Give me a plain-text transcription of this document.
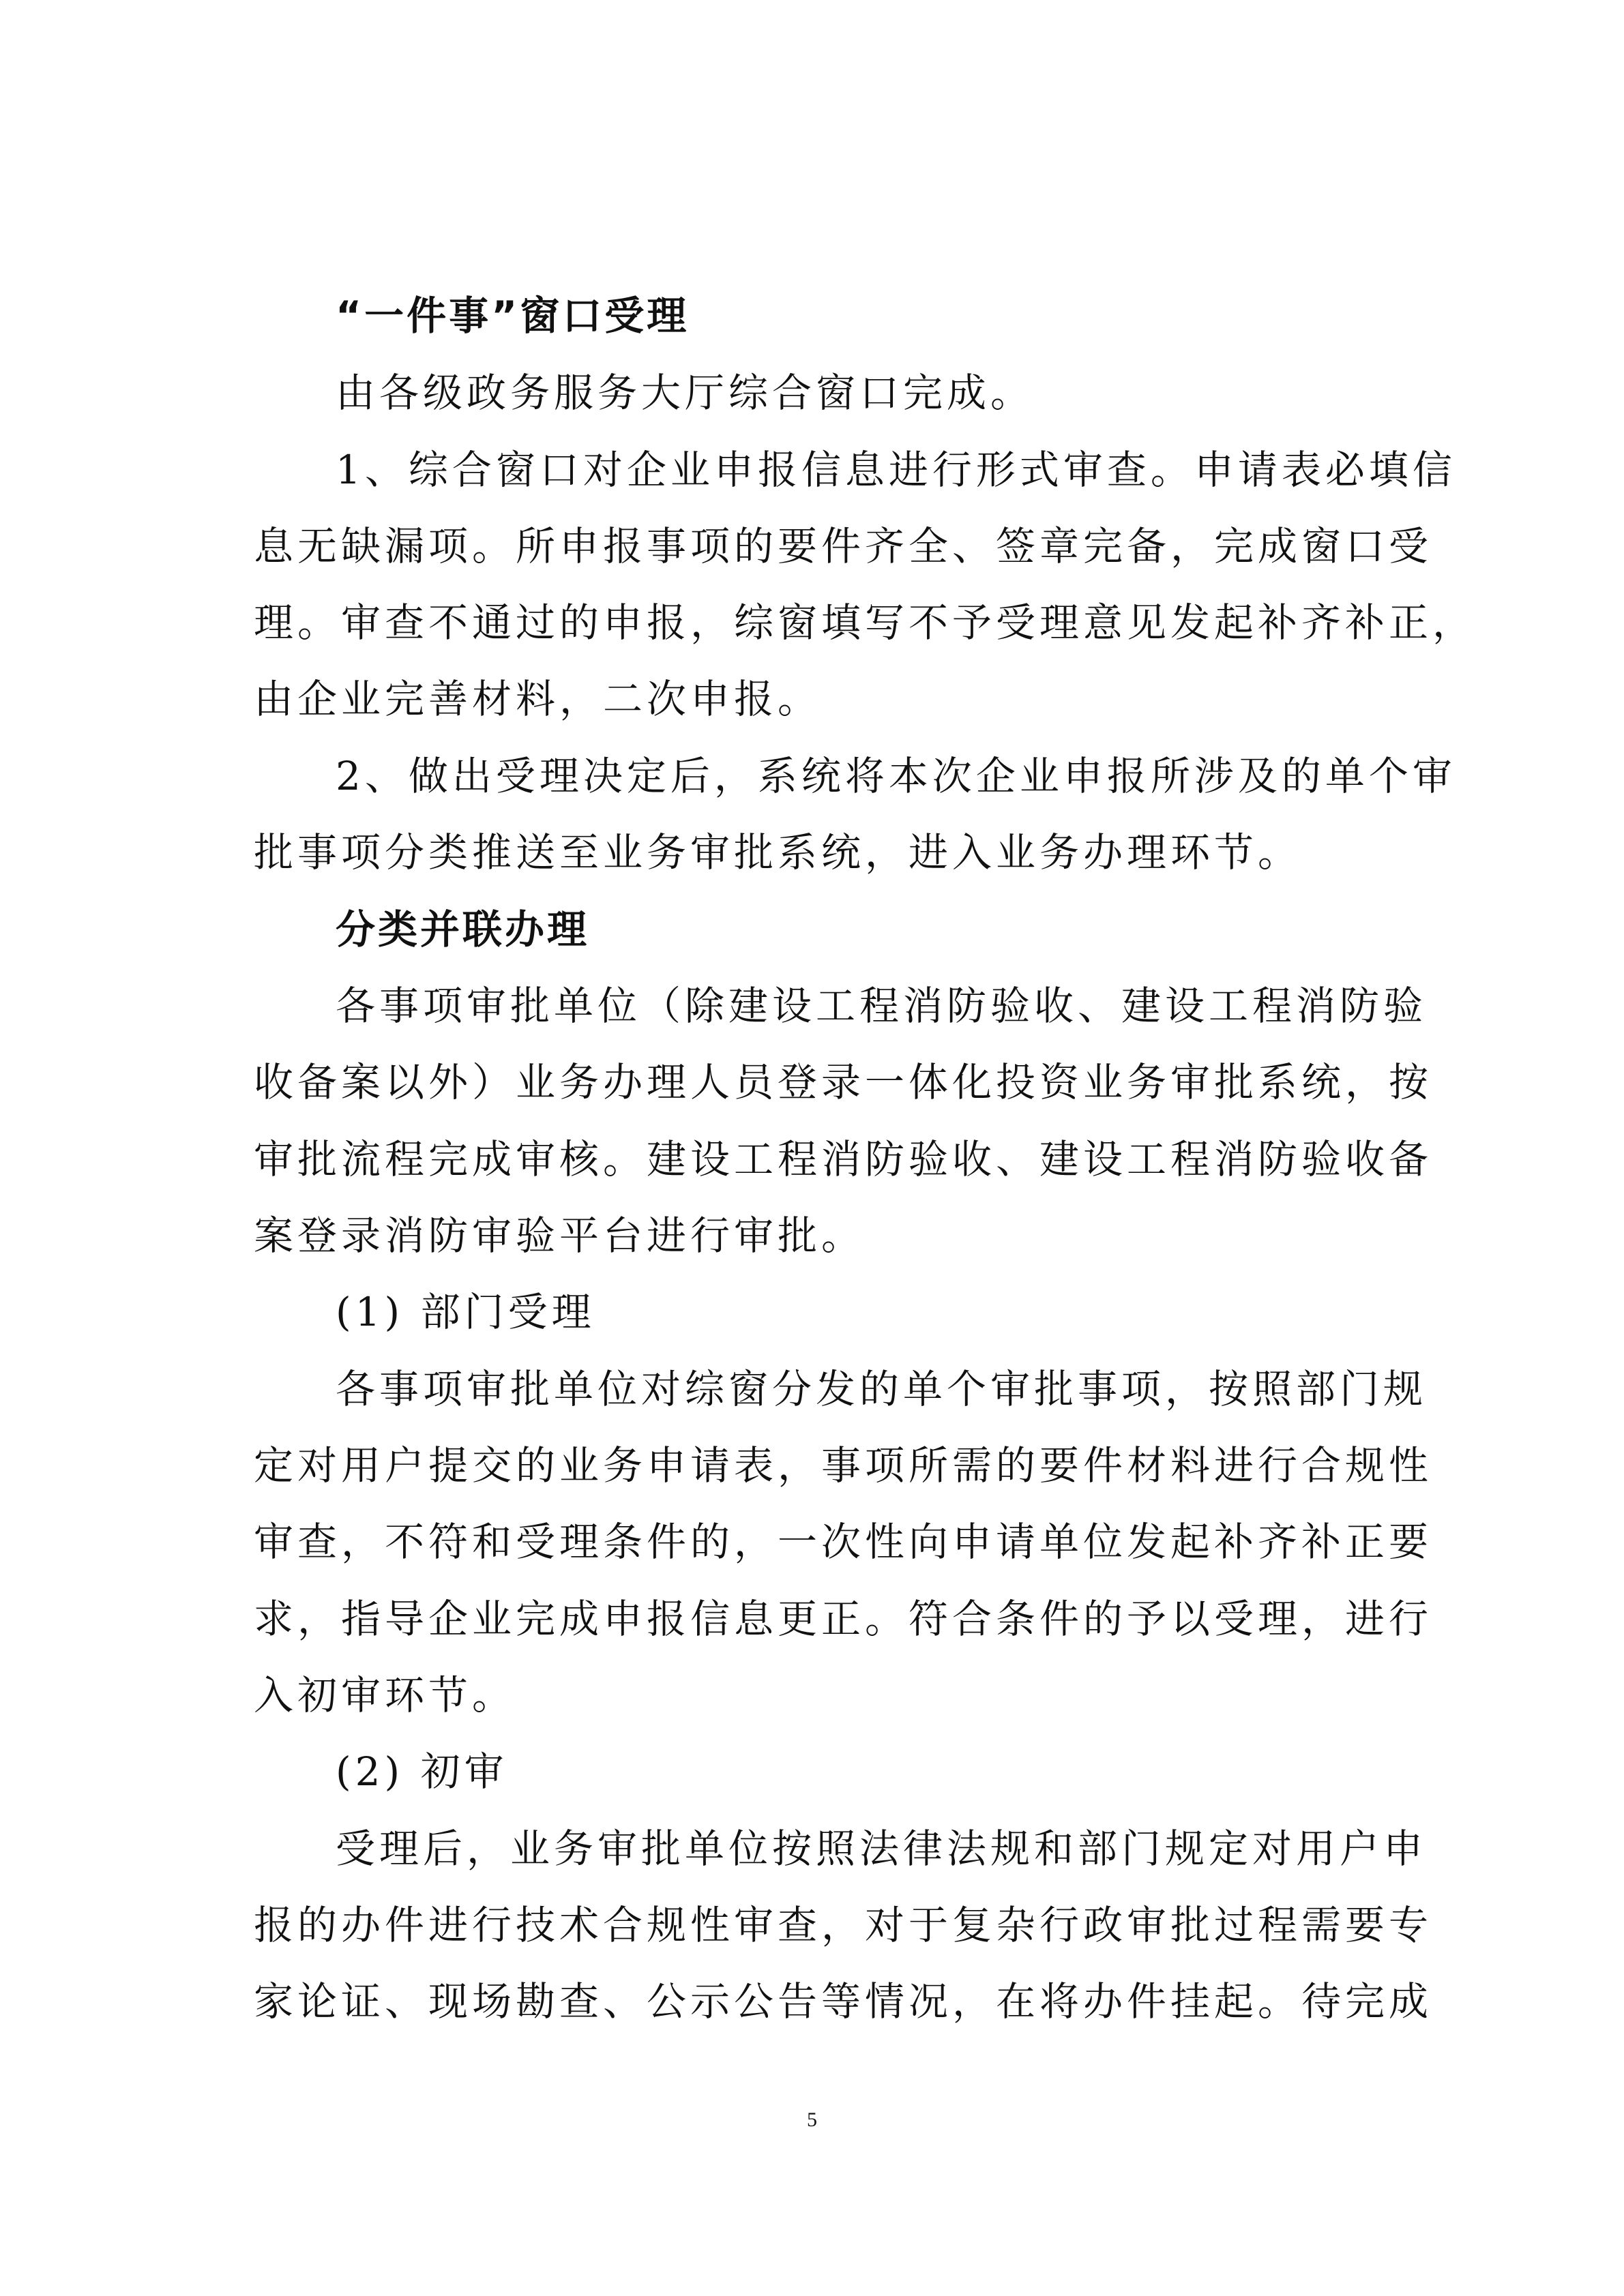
“一件事”窗口受理
由各级政务服务大厅综合窗口完成。
1、综合窗口对企业申报信息进行形式审查。申请表必填信
息无缺漏项。所申报事项的要件齐全、签章完备，完成窗口受
理。审查不通过的申报，综窗填写不予受理意见发起补齐补正，
由企业完善材料，二次申报。
2、做出受理决定后，系统将本次企业申报所涉及的单个审
批事项分类推送至业务审批系统，进入业务办理环节。
分类并联办理
各事项审批单位（除建设工程消防验收、建设工程消防验
收备案以外）业务办理人员登录一体化投资业务审批系统，按
审批流程完成审核。建设工程消防验收、建设工程消防验收备
案登录消防审验平台进行审批。
(1) 部门受理
各事项审批单位对综窗分发的单个审批事项，按照部门规
定对用户提交的业务申请表，事项所需的要件材料进行合规性
审查，不符和受理条件的，一次性向申请单位发起补齐补正要
求，指导企业完成申报信息更正。符合条件的予以受理，进行
入初审环节。
(2) 初审
受理后，业务审批单位按照法律法规和部门规定对用户申
报的办件进行技术合规性审查，对于复杂行政审批过程需要专
家论证、现场勘查、公示公告等情况，在将办件挂起。待完成
5
